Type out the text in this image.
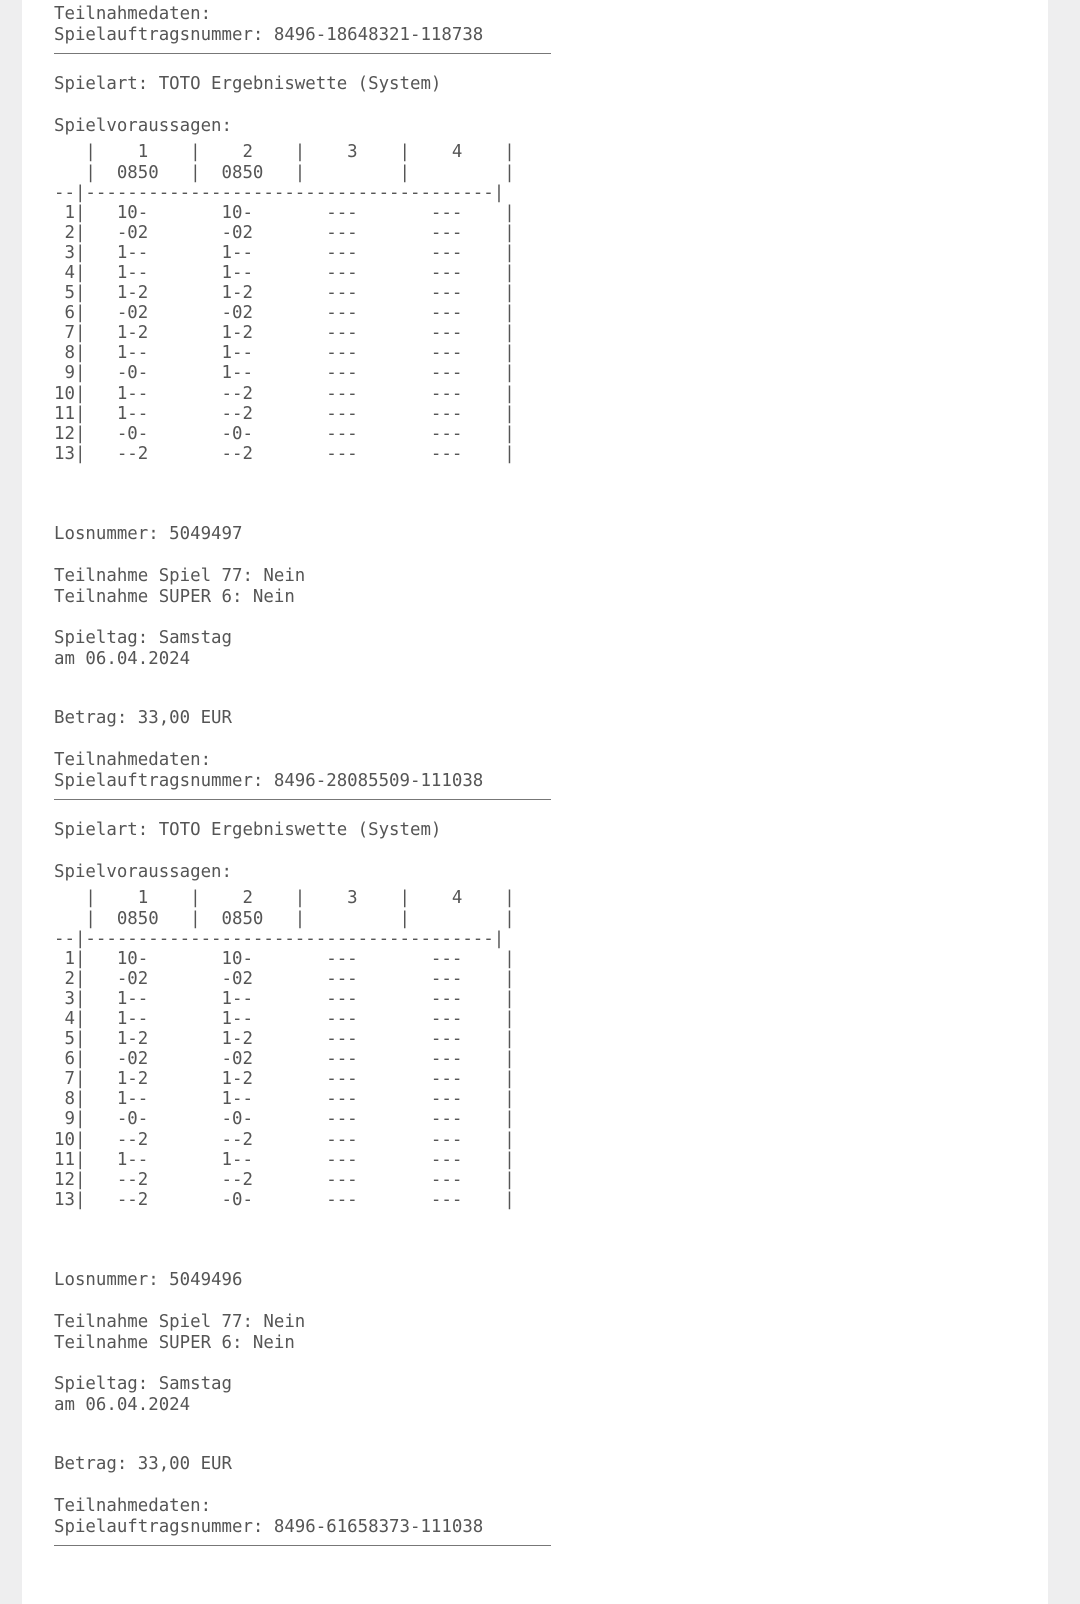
Teilnahmedaten:
Spielauftragsnummer: 8496-18648321-118738
Spielart: TOTO Ergebniswette (System)
Spielvoraussagen:
|    1    |    2    |    3    |    4    |
|  0850   |  0850   |         |         |
--|---------------------------------------|
1|   10-       10-       ---       ---    |
2|   -02       -02       ---       ---    |
3|   1--       1--       ---       ---    |
4|   1--       1--       ---       ---    |
5|   1-2       1-2       ---       ---    |
6|   -02       -02       ---       ---    |
7|   1-2       1-2       ---       ---    |
8|   1--       1--       ---       ---    |
9|   -0-       1--       ---       ---    |
10|   1--       --2       ---       ---    |
11|   1--       --2       ---       ---    |
12|   -0-       -0-       ---       ---    |
13|   --2       --2       ---       ---    |
Losnummer: 5049497
Teilnahme Spiel 77: Nein
Teilnahme SUPER 6: Nein
Spieltag: Samstag
am 06.04.2024
Betrag: 33,00 EUR
Teilnahmedaten:
Spielauftragsnummer: 8496-28085509-111038
Spielart: TOTO Ergebniswette (System)
Spielvoraussagen:
|    1    |    2    |    3    |    4    |
|  0850   |  0850   |         |         |
--|---------------------------------------|
1|   10-       10-       ---       ---    |
2|   -02       -02       ---       ---    |
3|   1--       1--       ---       ---    |
4|   1--       1--       ---       ---    |
5|   1-2       1-2       ---       ---    |
6|   -02       -02       ---       ---    |
7|   1-2       1-2       ---       ---    |
8|   1--       1--       ---       ---    |
9|   -0-       -0-       ---       ---    |
10|   --2       --2       ---       ---    |
11|   1--       1--       ---       ---    |
12|   --2       --2       ---       ---    |
13|   --2       -0-       ---       ---    |
Losnummer: 5049496
Teilnahme Spiel 77: Nein
Teilnahme SUPER 6: Nein
Spieltag: Samstag
am 06.04.2024
Betrag: 33,00 EUR
Teilnahmedaten:
Spielauftragsnummer: 8496-61658373-111038
